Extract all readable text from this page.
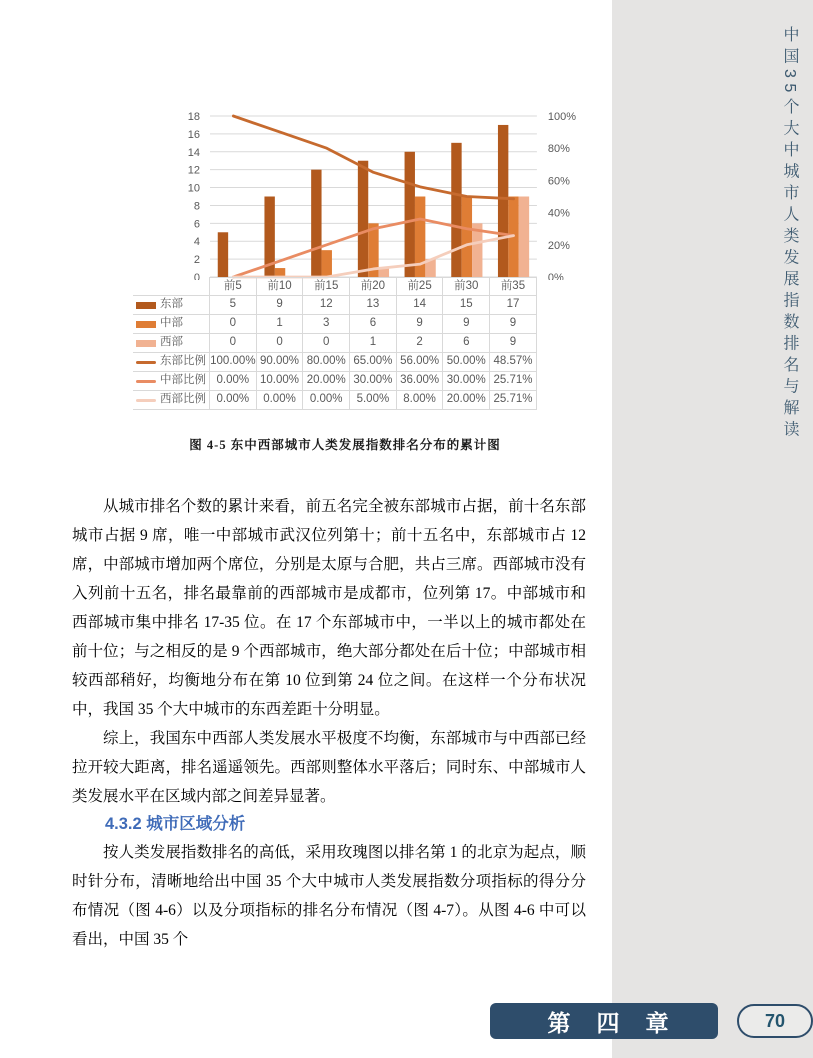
中国35个大中城市人类发展指数排名与解读
0
2
4
6
8
10
12
14
16
18
0%
20%
40%
60%
80%
100%
前5	前10	前15	前20	前25	前30	前35
东部	5	9	12	13	14	15	17
中部	0	1	3	6	9	9	9
西部	0	0	0	1	2	6	9
东部比例 100.00% 90.00% 80.00% 65.00% 56.00% 50.00% 48.57%
中部比例 0.00% 10.00% 20.00% 30.00% 36.00% 30.00% 25.71%
西部比例 0.00%	0.00%	0.00%	5.00%	8.00% 20.00% 25.71%
图 4-5 东中西部城市人类发展指数排名分布的累计图

从城市排名个数的累计来看，前五名完全被东部城市占据，前十名东部城市占据 9 席，唯一中部城市武汉位列第十；前十五名中，东部城市占 12 席，中部城市增加两个席位，分别是太原与合肥，共占三席。西部城市没有入列前十五名，排名最靠前的西部城市是成都市，位列第 17。中部城市和西部城市集中排名 17-35 位。在 17 个东部城市中，一半以上的城市都处在前十位；与之相反的是 9 个西部城市，绝大部分都处在后十位；中部城市相较西部稍好，均衡地分布在第 10 位到第 24 位之间。在这样一个分布状况中，我国 35 个大中城市的东西差距十分明显。

综上，我国东中西部人类发展水平极度不均衡，东部城市与中西部已经拉开较大距离，排名遥遥领先。西部则整体水平落后；同时东、中部城市人类发展水平在区域内部之间差异显著。

4.3.2 城市区域分析

按人类发展指数排名的高低，采用玫瑰图以排名第 1 的北京为起点，顺时针分布，清晰地给出中国 35 个大中城市人类发展指数分项指标的得分分布情况（图 4-6）以及分项指标的排名分布情况（图 4-7）。从图 4-6 中可以看出，中国 35 个

第四章	70
